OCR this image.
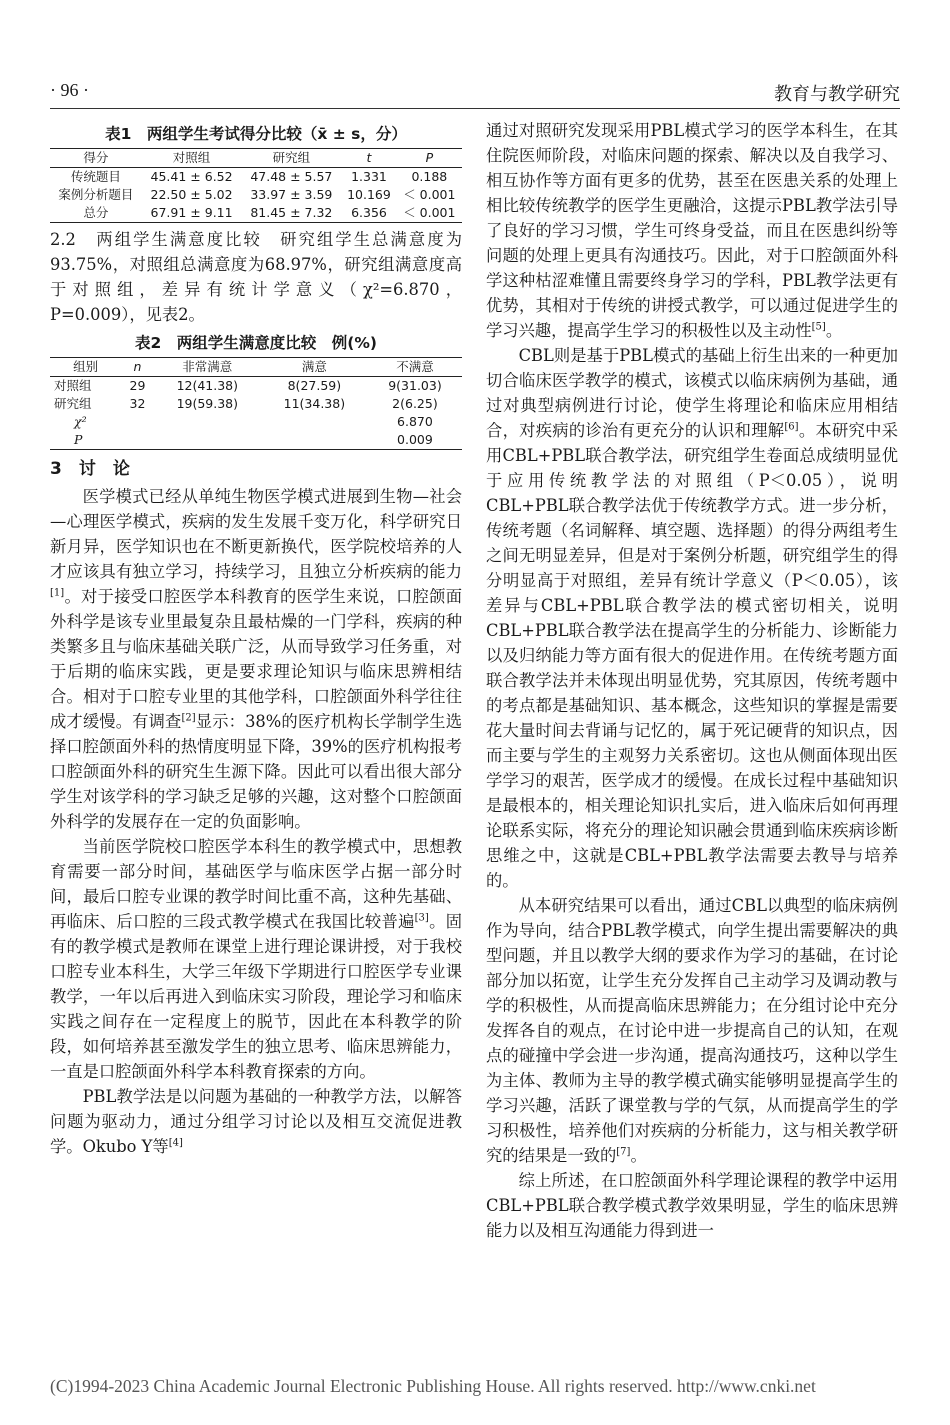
· 96 ·	教育与教学研究
表1　两组学生考试得分比较（x̄ ± s，分）
得分	对照组	研究组	t	P
传统题目	45.41 ± 6.52	47.48 ± 5.57	1.331	0.188
案例分析题目	22.50 ± 5.02	33.97 ± 3.59	10.169	＜ 0.001
总分	67.91 ± 9.11	81.45 ± 7.32	6.356	＜ 0.001

2.2　两组学生满意度比较　研究组学生总满意度为93.75%，对照组总满意度为68.97%，研究组满意度高于对照组，差异有统计学意义（χ²=6.870，P=0.009），见表2。

表2　两组学生满意度比较　例(%)
组别	n	非常满意	满意	不满意
对照组	29	12(41.38)	8(27.59)	9(31.03)
研究组	32	19(59.38)	11(34.38)	2(6.25)
χ²				6.870
P				0.009
3　讨　论

医学模式已经从单纯生物医学模式进展到生物—社会—心理医学模式，疾病的发生发展千变万化，科学研究日新月异，医学知识也在不断更新换代，医学院校培养的人才应该具有独立学习，持续学习，且独立分析疾病的能力[1]。对于接受口腔医学本科教育的医学生来说，口腔颌面外科学是该专业里最复杂且最枯燥的一门学科，疾病的种类繁多且与临床基础关联广泛，从而导致学习任务重，对于后期的临床实践，更是要求理论知识与临床思辨相结合。相对于口腔专业里的其他学科，口腔颌面外科学往往成才缓慢。有调查[2]显示：38%的医疗机构长学制学生选择口腔颌面外科的热情度明显下降，39%的医疗机构报考口腔颌面外科的研究生生源下降。因此可以看出很大部分学生对该学科的学习缺乏足够的兴趣，这对整个口腔颌面外科学的发展存在一定的负面影响。

当前医学院校口腔医学本科生的教学模式中，思想教育需要一部分时间，基础医学与临床医学占据一部分时间，最后口腔专业课的教学时间比重不高，这种先基础、再临床、后口腔的三段式教学模式在我国比较普遍[3]。固有的教学模式是教师在课堂上进行理论课讲授，对于我校口腔专业本科生，大学三年级下学期进行口腔医学专业课教学，一年以后再进入到临床实习阶段，理论学习和临床实践之间存在一定程度上的脱节，因此在本科教学的阶段，如何培养甚至激发学生的独立思考、临床思辨能力，一直是口腔颌面外科学本科教育探索的方向。

PBL教学法是以问题为基础的一种教学方法，以解答问题为驱动力，通过分组学习讨论以及相互交流促进教学。Okubo Y等[4]

通过对照研究发现采用PBL模式学习的医学本科生，在其住院医师阶段，对临床问题的探索、解决以及自我学习、相互协作等方面有更多的优势，甚至在医患关系的处理上相比较传统教学的医学生更融洽，这提示PBL教学法引导了良好的学习习惯，学生可终身受益，而且在医患纠纷等问题的处理上更具有沟通技巧。因此，对于口腔颌面外科学这种枯涩难懂且需要终身学习的学科，PBL教学法更有优势，其相对于传统的讲授式教学，可以通过促进学生的学习兴趣，提高学生学习的积极性以及主动性[5]。

CBL则是基于PBL模式的基础上衍生出来的一种更加切合临床医学教学的模式，该模式以临床病例为基础，通过对典型病例进行讨论，使学生将理论和临床应用相结合，对疾病的诊治有更充分的认识和理解[6]。本研究中采用CBL+PBL联合教学法，研究组学生卷面总成绩明显优于应用传统教学法的对照组（P＜0.05），说明CBL+PBL联合教学法优于传统教学方式。进一步分析，传统考题（名词解释、填空题、选择题）的得分两组考生之间无明显差异，但是对于案例分析题，研究组学生的得分明显高于对照组，差异有统计学意义（P＜0.05），该差异与CBL+PBL联合教学法的模式密切相关，说明CBL+PBL联合教学法在提高学生的分析能力、诊断能力以及归纳能力等方面有很大的促进作用。在传统考题方面联合教学法并未体现出明显优势，究其原因，传统考题中的考点都是基础知识、基本概念，这些知识的掌握是需要花大量时间去背诵与记忆的，属于死记硬背的知识点，因而主要与学生的主观努力关系密切。这也从侧面体现出医学学习的艰苦，医学成才的缓慢。在成长过程中基础知识是最根本的，相关理论知识扎实后，进入临床后如何再理论联系实际，将充分的理论知识融会贯通到临床疾病诊断思维之中，这就是CBL+PBL教学法需要去教导与培养的。

从本研究结果可以看出，通过CBL以典型的临床病例作为导向，结合PBL教学模式，向学生提出需要解决的典型问题，并且以教学大纲的要求作为学习的基础，在讨论部分加以拓宽，让学生充分发挥自己主动学习及调动教与学的积极性，从而提高临床思辨能力；在分组讨论中充分发挥各自的观点，在讨论中进一步提高自己的认知，在观点的碰撞中学会进一步沟通，提高沟通技巧，这种以学生为主体、教师为主导的教学模式确实能够明显提高学生的学习兴趣，活跃了课堂教与学的气氛，从而提高学生的学习积极性，培养他们对疾病的分析能力，这与相关教学研究的结果是一致的[7]。

综上所述，在口腔颌面外科学理论课程的教学中运用CBL+PBL联合教学模式教学效果明显，学生的临床思辨能力以及相互沟通能力得到进一

(C)1994-2023 China Academic Journal Electronic Publishing House. All rights reserved. http://www.cnki.net
